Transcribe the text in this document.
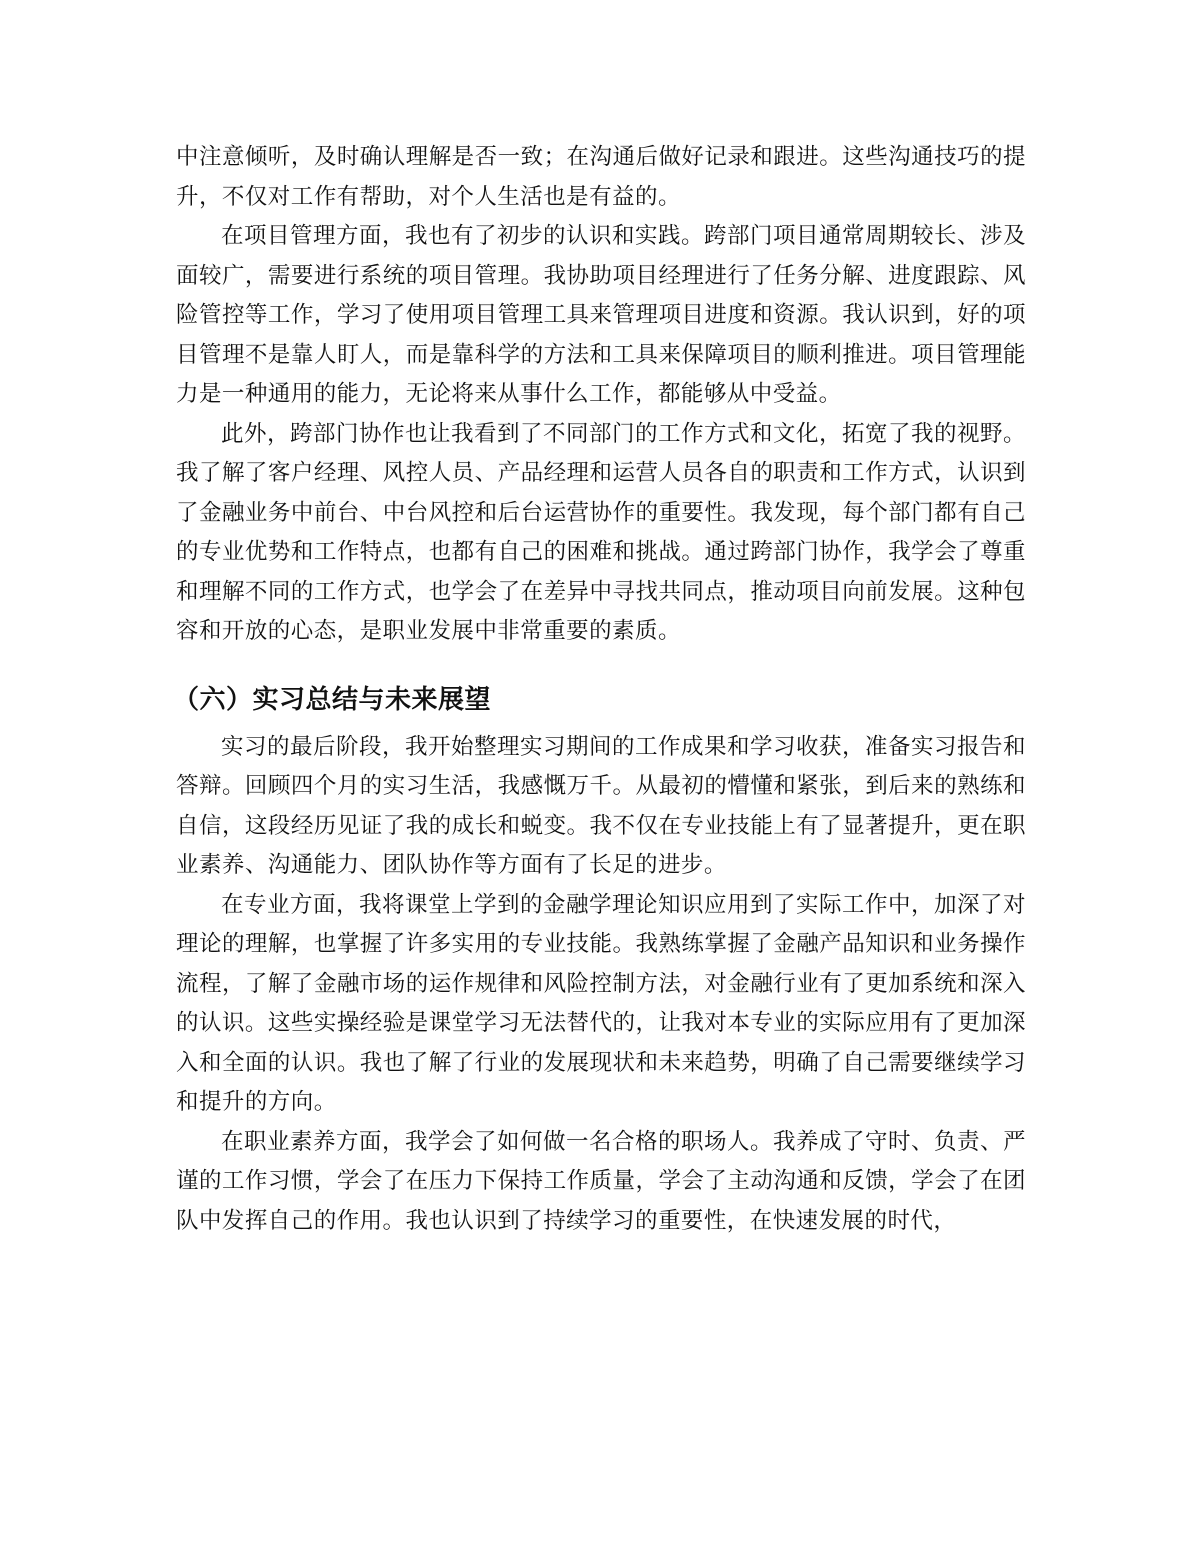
中注意倾听，及时确认理解是否一致；在沟通后做好记录和跟进。这些沟通技巧的提升，不仅对工作有帮助，对个人生活也是有益的。

在项目管理方面，我也有了初步的认识和实践。跨部门项目通常周期较长、涉及面较广，需要进行系统的项目管理。我协助项目经理进行了任务分解、进度跟踪、风险管控等工作，学习了使用项目管理工具来管理项目进度和资源。我认识到，好的项目管理不是靠人盯人，而是靠科学的方法和工具来保障项目的顺利推进。项目管理能力是一种通用的能力，无论将来从事什么工作，都能够从中受益。

此外，跨部门协作也让我看到了不同部门的工作方式和文化，拓宽了我的视野。我了解了客户经理、风控人员、产品经理和运营人员各自的职责和工作方式，认识到了金融业务中前台、中台风控和后台运营协作的重要性。我发现，每个部门都有自己的专业优势和工作特点，也都有自己的困难和挑战。通过跨部门协作，我学会了尊重和理解不同的工作方式，也学会了在差异中寻找共同点，推动项目向前发展。这种包容和开放的心态，是职业发展中非常重要的素质。

（六）实习总结与未来展望

实习的最后阶段，我开始整理实习期间的工作成果和学习收获，准备实习报告和答辩。回顾四个月的实习生活，我感慨万千。从最初的懵懂和紧张，到后来的熟练和自信，这段经历见证了我的成长和蜕变。我不仅在专业技能上有了显著提升，更在职业素养、沟通能力、团队协作等方面有了长足的进步。

在专业方面，我将课堂上学到的金融学理论知识应用到了实际工作中，加深了对理论的理解，也掌握了许多实用的专业技能。我熟练掌握了金融产品知识和业务操作流程，了解了金融市场的运作规律和风险控制方法，对金融行业有了更加系统和深入的认识。这些实操经验是课堂学习无法替代的，让我对本专业的实际应用有了更加深入和全面的认识。我也了解了行业的发展现状和未来趋势，明确了自己需要继续学习和提升的方向。

在职业素养方面，我学会了如何做一名合格的职场人。我养成了守时、负责、严谨的工作习惯，学会了在压力下保持工作质量，学会了主动沟通和反馈，学会了在团队中发挥自己的作用。我也认识到了持续学习的重要性，在快速发展的时代，
